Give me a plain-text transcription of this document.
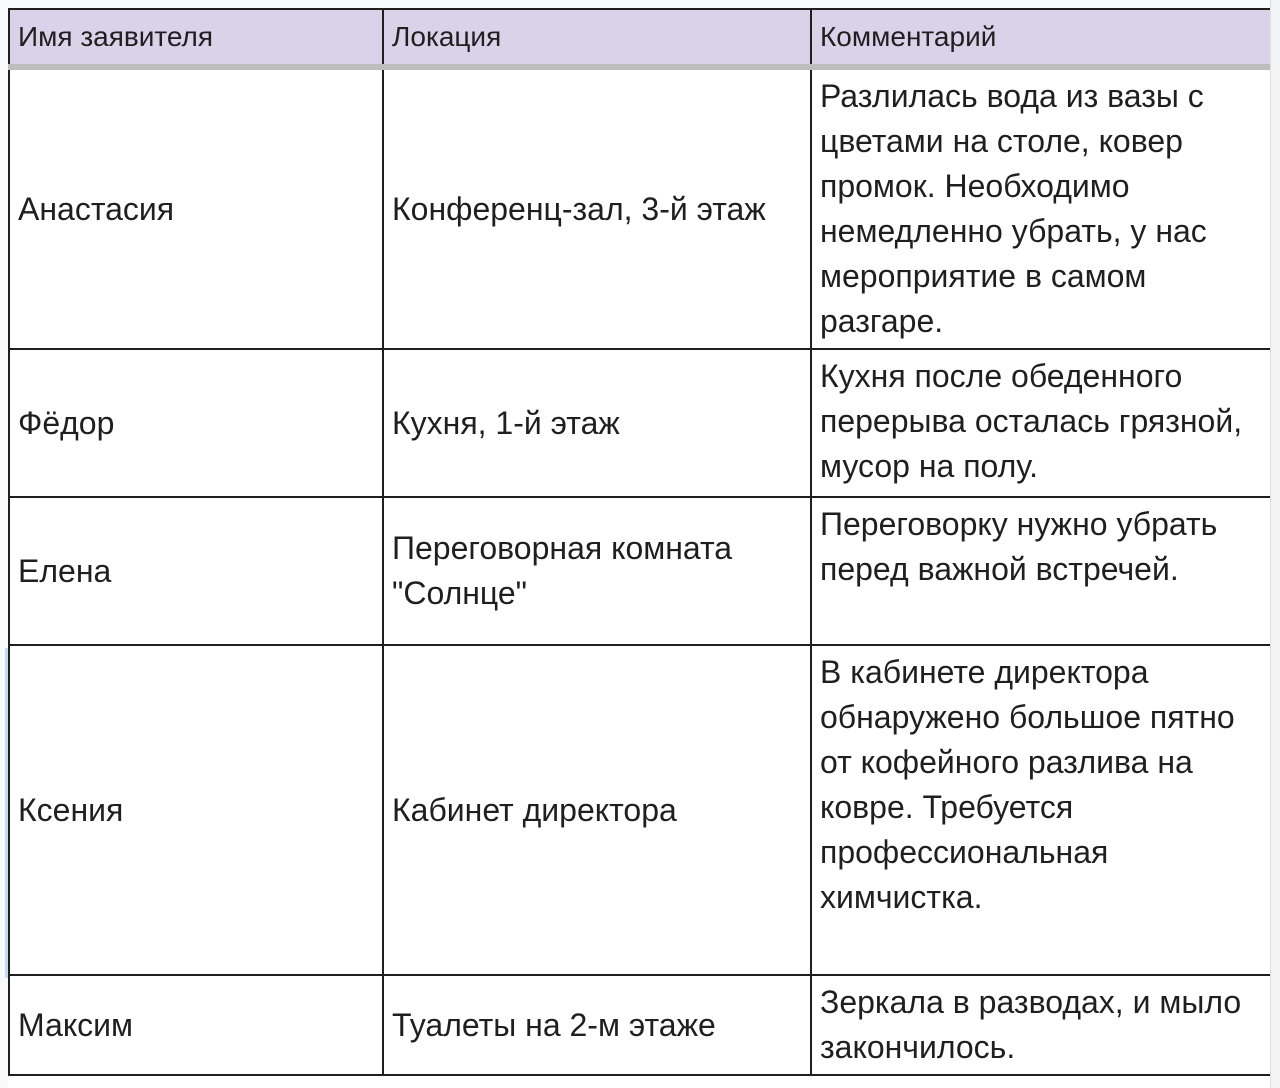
Имя заявителя	Локация	Комментарий
Анастасия	Конференц-зал, 3-й этаж	Разлилась вода из вазы с цветами на столе, ковер промок. Необходимо немедленно убрать, у нас мероприятие в самом разгаре.
Фёдор	Кухня, 1-й этаж	Кухня после обеденного перерыва осталась грязной, мусор на полу.
Елена	Переговорная комната "Солнце"	Переговорку нужно убрать перед важной встречей.
Ксения	Кабинет директора	В кабинете директора обнаружено большое пятно от кофейного разлива на ковре. Требуется профессиональная химчистка.
Максим	Туалеты на 2-м этаже	Зеркала в разводах, и мыло закончилось.
